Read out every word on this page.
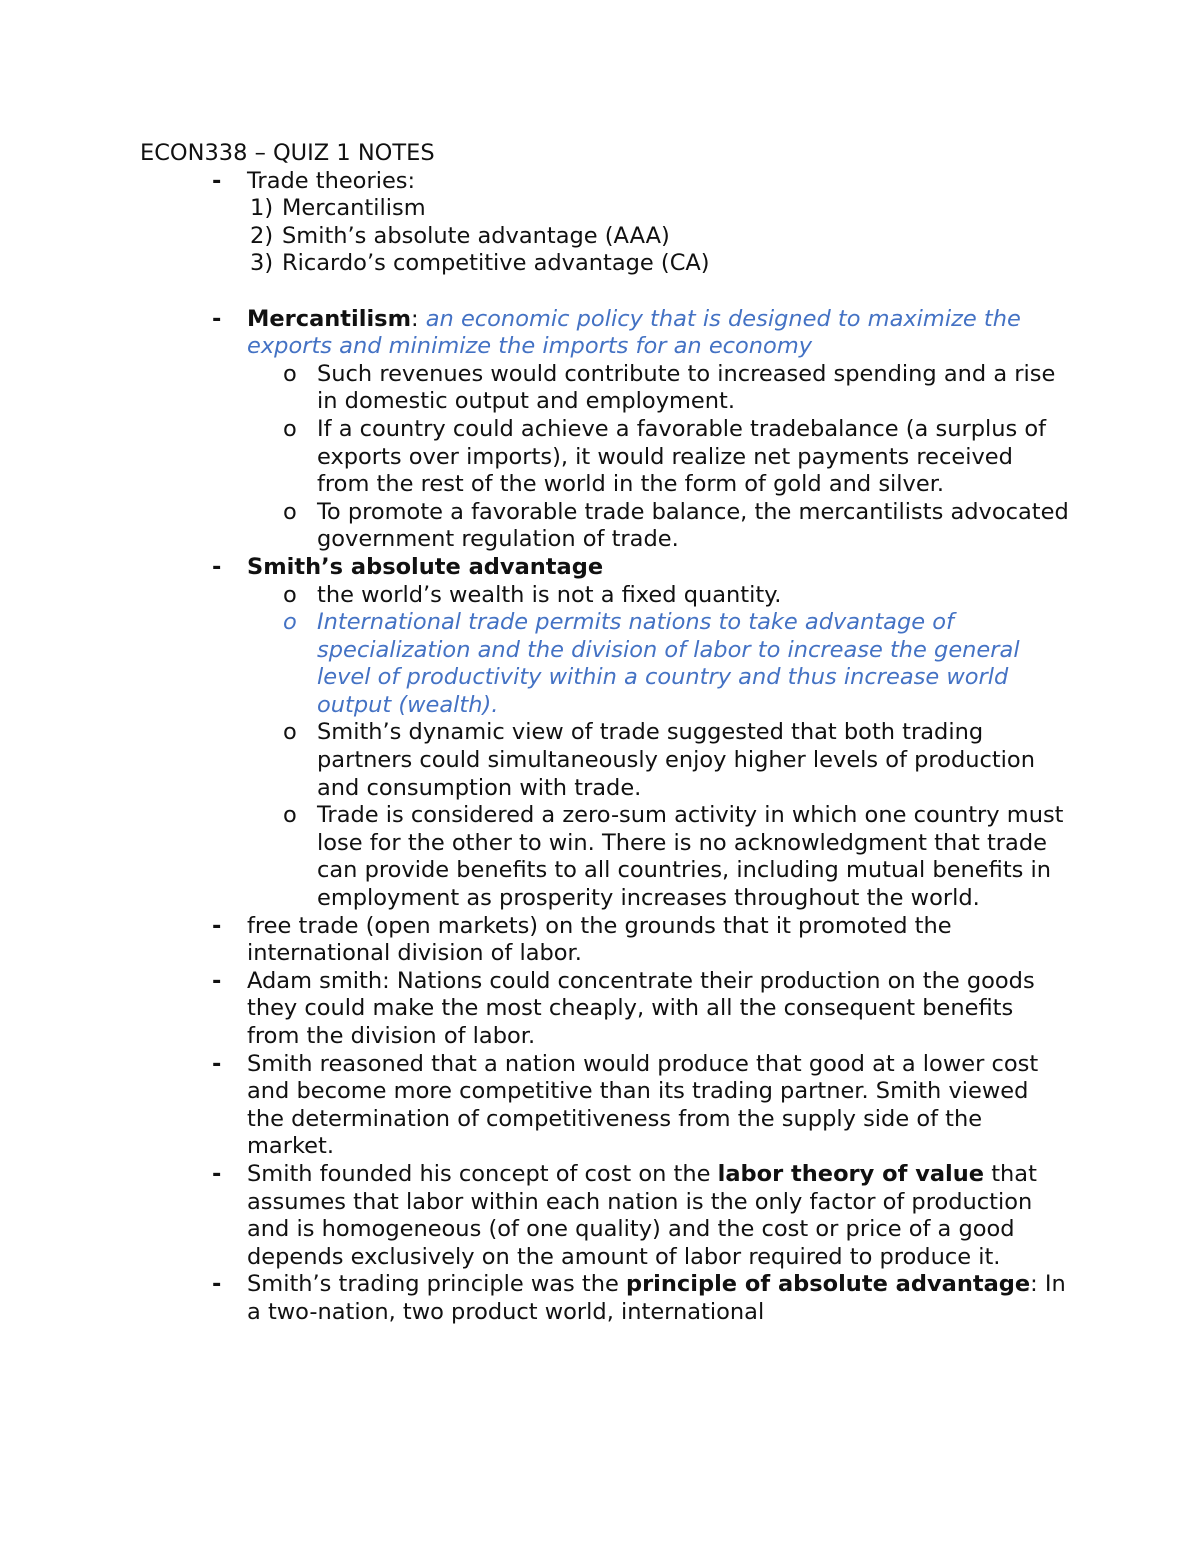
ECON338 – QUIZ 1 NOTES
- Trade theories:
1) Mercantilism
2) Smith’s absolute advantage (AAA)
3) Ricardo’s competitive advantage (CA)
- Mercantilism: an economic policy that is designed to maximize the exports and minimize the imports for an economy
o Such revenues would contribute to increased spending and a rise in domestic output and employment.
o If a country could achieve a favorable tradebalance (a surplus of exports over imports), it would realize net payments received from the rest of the world in the form of gold and silver.
o To promote a favorable trade balance, the mercantilists advocated government regulation of trade.
- Smith’s absolute advantage
o the world’s wealth is not a fixed quantity.
o International trade permits nations to take advantage of specialization and the division of labor to increase the general level of productivity within a country and thus increase world output (wealth).
o Smith’s dynamic view of trade suggested that both trading partners could simultaneously enjoy higher levels of production and consumption with trade.
o Trade is considered a zero-sum activity in which one country must lose for the other to win. There is no acknowledgment that trade can provide benefits to all countries, including mutual benefits in employment as prosperity increases throughout the world.
- free trade (open markets) on the grounds that it promoted the international division of labor.
- Adam smith: Nations could concentrate their production on the goods they could make the most cheaply, with all the consequent benefits from the division of labor.
- Smith reasoned that a nation would produce that good at a lower cost and become more competitive than its trading partner. Smith viewed the determination of competitiveness from the supply side of the market.
- Smith founded his concept of cost on the labor theory of value that assumes that labor within each nation is the only factor of production and is homogeneous (of one quality) and the cost or price of a good depends exclusively on the amount of labor required to produce it.
- Smith’s trading principle was the principle of absolute advantage: In a two-nation, two product world, international
